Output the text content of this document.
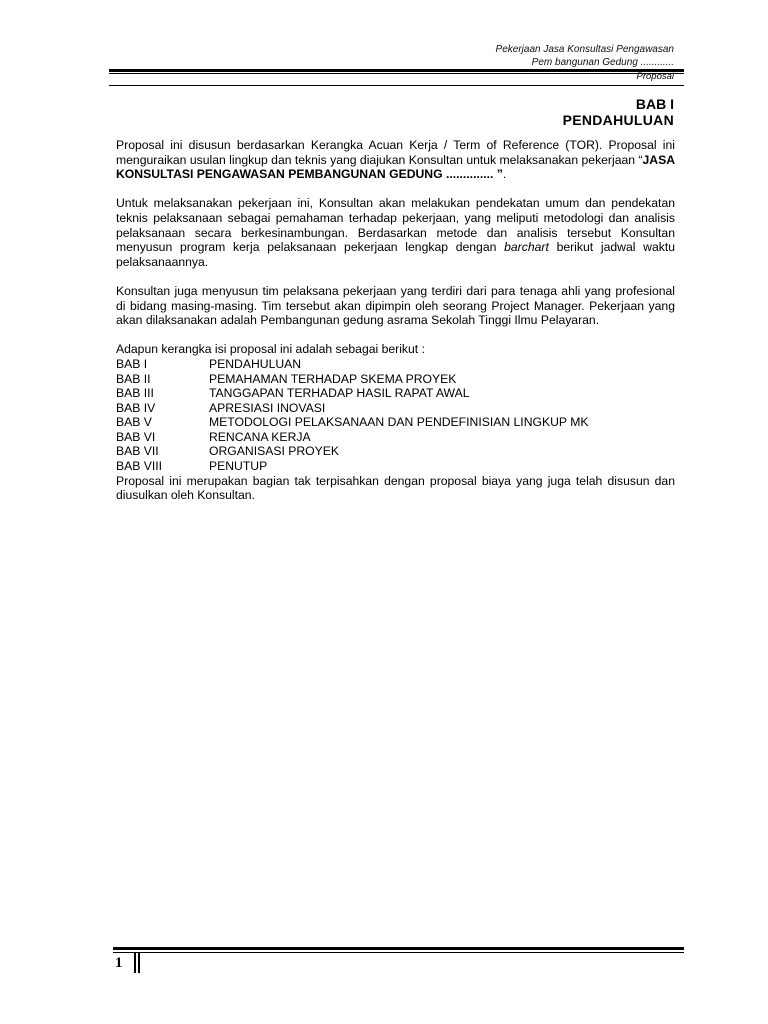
Pekerjaan Jasa Konsultasi Pengawasan
Pem bangunan Gedung ............
Proposal
BAB I
PENDAHULUAN

Proposal ini disusun berdasarkan Kerangka Acuan Kerja / Term of Reference (TOR). Proposal ini menguraikan usulan lingkup dan teknis yang diajukan Konsultan untuk melaksanakan pekerjaan “JASA KONSULTASI PENGAWASAN PEMBANGUNAN GEDUNG .............. ”.

Untuk melaksanakan pekerjaan ini, Konsultan akan melakukan pendekatan umum dan pendekatan teknis pelaksanaan sebagai pemahaman terhadap pekerjaan, yang meliputi metodologi dan analisis pelaksanaan secara berkesinambungan. Berdasarkan metode dan analisis tersebut Konsultan menyusun program kerja pelaksanaan pekerjaan lengkap dengan barchart berikut jadwal waktu pelaksanaannya.

Konsultan juga menyusun tim pelaksana pekerjaan yang terdiri dari para tenaga ahli yang profesional di bidang masing-masing. Tim tersebut akan dipimpin oleh seorang Project Manager. Pekerjaan yang akan dilaksanakan adalah Pembangunan gedung asrama Sekolah Tinggi Ilmu Pelayaran.

Adapun kerangka isi proposal ini adalah sebagai berikut :

BAB I	PENDAHULUAN
BAB II	PEMAHAMAN TERHADAP SKEMA PROYEK
BAB III	TANGGAPAN TERHADAP HASIL RAPAT AWAL
BAB IV	APRESIASI INOVASI
BAB V	METODOLOGI PELAKSANAAN DAN PENDEFINISIAN LINGKUP MK
BAB VI	RENCANA KERJA
BAB VII	ORGANISASI PROYEK
BAB VIII	PENUTUP

Proposal ini merupakan bagian tak terpisahkan dengan proposal biaya yang juga telah disusun dan diusulkan oleh Konsultan.

1
